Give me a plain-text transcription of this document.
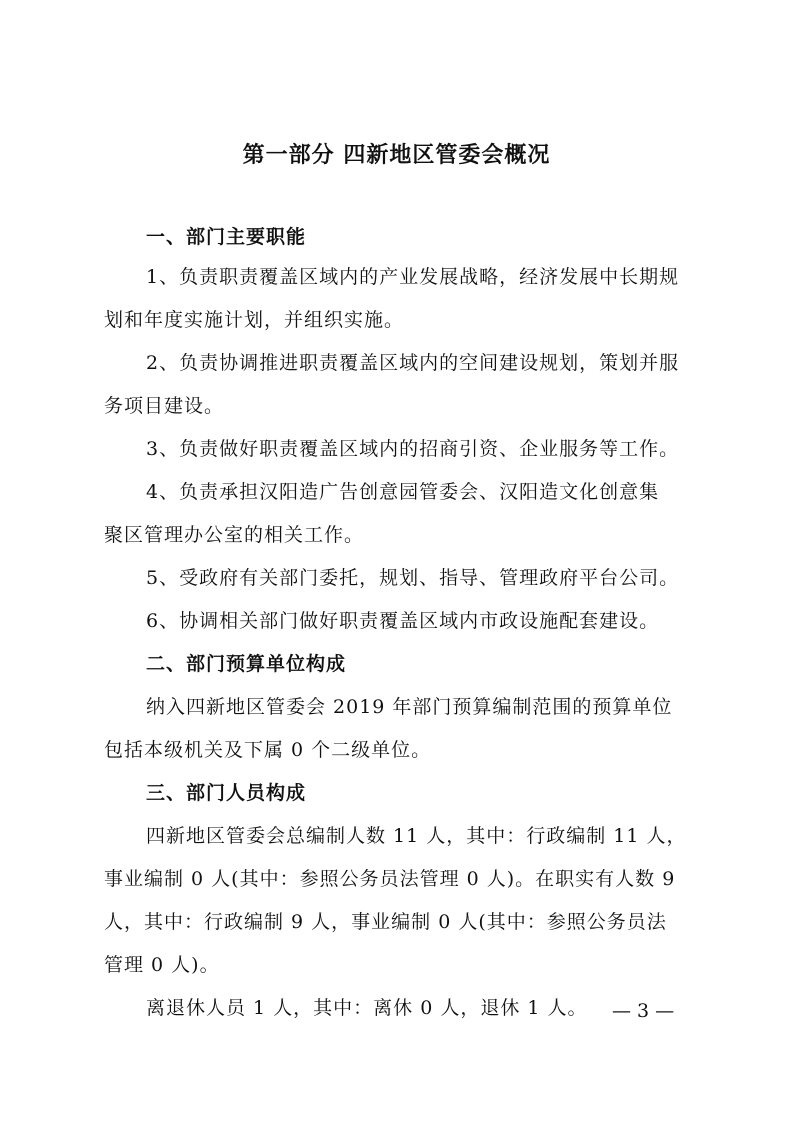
第一部分 四新地区管委会概况
一、部门主要职能
1、负责职责覆盖区域内的产业发展战略，经济发展中长期规
划和年度实施计划，并组织实施。
2、负责协调推进职责覆盖区域内的空间建设规划，策划并服
务项目建设。
3、负责做好职责覆盖区域内的招商引资、企业服务等工作。
4、负责承担汉阳造广告创意园管委会、汉阳造文化创意集
聚区管理办公室的相关工作。
5、受政府有关部门委托，规划、指导、管理政府平台公司。
6、协调相关部门做好职责覆盖区域内市政设施配套建设。
二、部门预算单位构成
纳入四新地区管委会 2019 年部门预算编制范围的预算单位
包括本级机关及下属 0 个二级单位。
三、部门人员构成
四新地区管委会总编制人数 11 人，其中：行政编制 11 人，
事业编制 0 人(其中：参照公务员法管理 0 人)。在职实有人数 9
人，其中：行政编制 9 人，事业编制 0 人(其中：参照公务员法
管理 0 人)。
离退休人员 1 人，其中：离休 0 人，退休 1 人。 — 3 —
